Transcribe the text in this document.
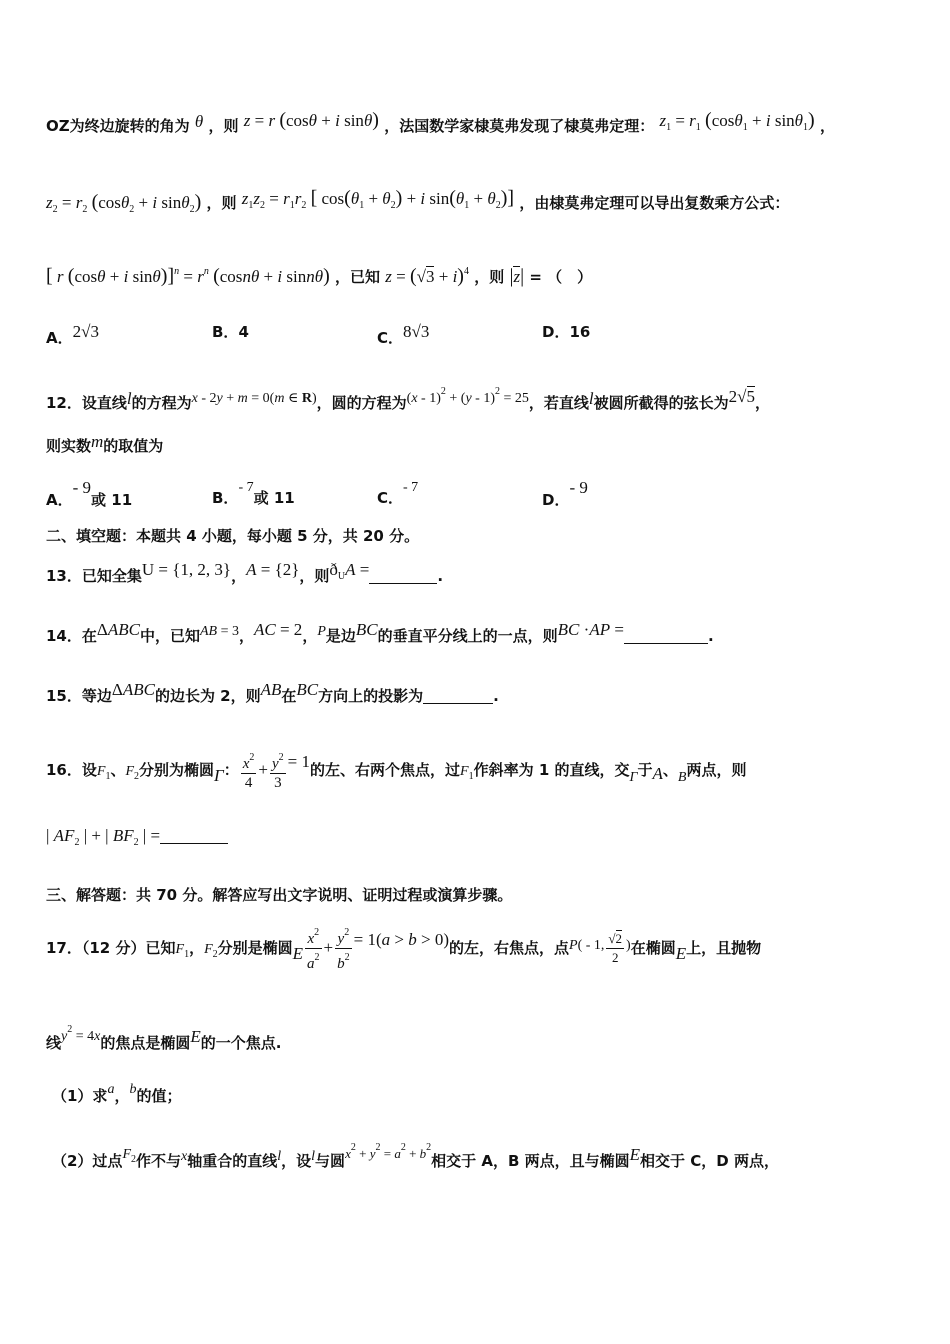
OZ为终边旋转的角为 θ ，则 z = r (cosθ + i sinθ) ，法国数学家棣莫弗发现了棣莫弗定理： $z_1 = r_1$ (cosθ$_1$ + i sinθ$_1$) ，
$z_2 = r_2$ (cosθ$_2$ + i sinθ$_2$) ，则 $z_1z_2 = r_1r_2$ [ $\cos(\theta_1 + \theta_2) + i$ $\sin(\theta_1 + \theta_2)$] ，由棣莫弗定理可以导出复数乘方公式：
[ r (cosθ + i $\sin\theta)]^n = r^n$ (cosnθ + i sinnθ) ，已知 $z = (√3 + i)^4$ ，则 |z| = （　）
A．2√3	B．4	C．8√3	D．16
12．设直线l的方程为x - 2y + m = 0(m ∈ R)，圆的方程为(x - 1)$^2$ + (y - 1)$^2$ = 25，若直线l被圆所截得的弦长为2√5，
则实数m的取值为
A．- 9或 11	B．- 7或 11	C．- 7
D．- 9
二、填空题：本题共 4 小题，每小题 5 分，共 20 分。
13．已知全集U = {1, 2, 3}，A = {2}，则$ð_UA$ =	.
14．在ΔABC中，已知AB = 3，AC = 2，P是边BC的垂直平分线上的一点，则BC ·AP =	.
15．等边ΔABC的边长为 2，则AB在BC方向上的投影为	.
16．设$F_1$、$F_2$分别为椭圆Γ： $\frac{x^2}{4} + \frac{y^2}{3} = 1$的左、右两个焦点，过$F_1$作斜率为 1 的直线，交Γ于A、B两点，则
| $AF_2$ | + | $BF_2$ | =
三、解答题：共 70 分。解答应写出文字说明、证明过程或演算步骤。
17．（12 分）已知$F_1$，$F_2$分别是椭圆E $\frac{x^2}{a^2} + \frac{y^2}{b^2} = 1(a > b > 0)$的左，右焦点，点P( - 1, $\frac{√2}{2}$ )在椭圆E上，且抛物
线$y^2 = 4x$的焦点是椭圆E的一个焦点.
（1）求a，b的值；
（2）过点$F_2$作不与x轴重合的直线l，设l与圆$x^2 + y^2 = a^2 + b^2$相交于 A，B 两点，且与椭圆E相交于 C，D 两点，
